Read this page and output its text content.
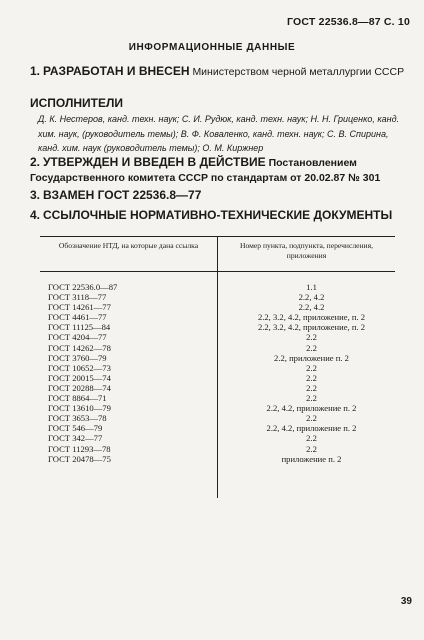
ГОСТ 22536.8—87 С. 10
ИНФОРМАЦИОННЫЕ ДАННЫЕ
1. РАЗРАБОТАН И ВНЕСЕН Министерством черной металлургии СССР
ИСПОЛНИТЕЛИ
Д. К. Нестеров, канд. техн. наук; С. И. Рудюк, канд. техн. наук; Н. Н. Гриценко, канд. хим. наук, (руководитель темы); В. Ф. Коваленко, канд. техн. наук; С. В. Спирина, канд. хим. наук (руководитель темы); О. М. Киржнер
2. УТВЕРЖДЕН И ВВЕДЕН В ДЕЙСТВИЕ Постановлением Государственного комитета СССР по стандартам от 20.02.87 № 301
3. ВЗАМЕН ГОСТ 22536.8—77
4. ССЫЛОЧНЫЕ НОРМАТИВНО-ТЕХНИЧЕСКИЕ ДОКУМЕНТЫ
Обозначение НТД, на которые дана ссылка	Номер пункта, подпункта, перечисления, приложения
ГОСТ 22536.0—87	1.1
ГОСТ 3118—77	2.2, 4.2
ГОСТ 14261—77	2.2, 4.2
ГОСТ 4461—77	2.2, 3.2, 4.2, приложение, п. 2
ГОСТ 11125—84	2.2, 3.2, 4.2, приложение, п. 2
ГОСТ 4204—77	2.2
ГОСТ 14262—78	2.2
ГОСТ 3760—79	2.2, приложение п. 2
ГОСТ 10652—73	2.2
ГОСТ 20015—74	2.2
ГОСТ 20288—74	2.2
ГОСТ 8864—71	2.2
ГОСТ 13610—79	2.2, 4.2, приложение п. 2
ГОСТ 3653—78	2.2
ГОСТ 546—79	2.2, 4.2, приложение п. 2
ГОСТ 342—77	2.2
ГОСТ 11293—78	2.2
ГОСТ 20478—75	приложение п. 2
39
